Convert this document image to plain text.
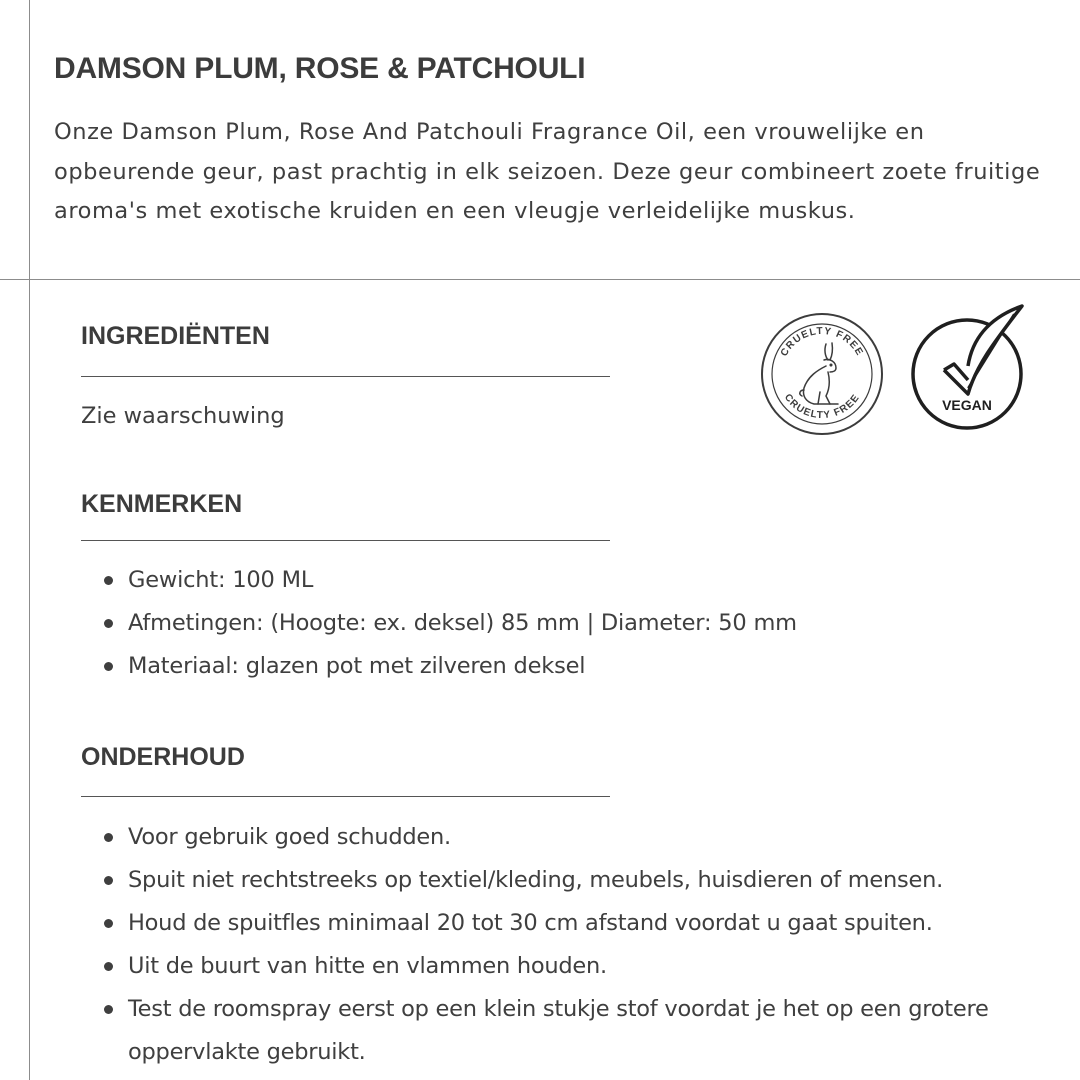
DAMSON PLUM, ROSE & PATCHOULI

Onze Damson Plum, Rose And Patchouli Fragrance Oil, een vrouwelijke en opbeurende geur, past prachtig in elk seizoen. Deze geur combineert zoete fruitige aroma's met exotische kruiden en een vleugje verleidelijke muskus.

INGREDIËNTEN

Zie waarschuwing

KENMERKEN
Gewicht: 100 ML
Afmetingen: (Hoogte: ex. deksel) 85 mm | Diameter: 50 mm
Materiaal: glazen pot met zilveren deksel
ONDERHOUD
Voor gebruik goed schudden.
Spuit niet rechtstreeks op textiel/kleding, meubels, huisdieren of mensen.
Houd de spuitfles minimaal 20 tot 30 cm afstand voordat u gaat spuiten.
Uit de buurt van hitte en vlammen houden.
Test de roomspray eerst op een klein stukje stof voordat je het op een grotere oppervlakte gebruikt.
CRUELTY FREE
CRUELTY FREE	VEGAN
